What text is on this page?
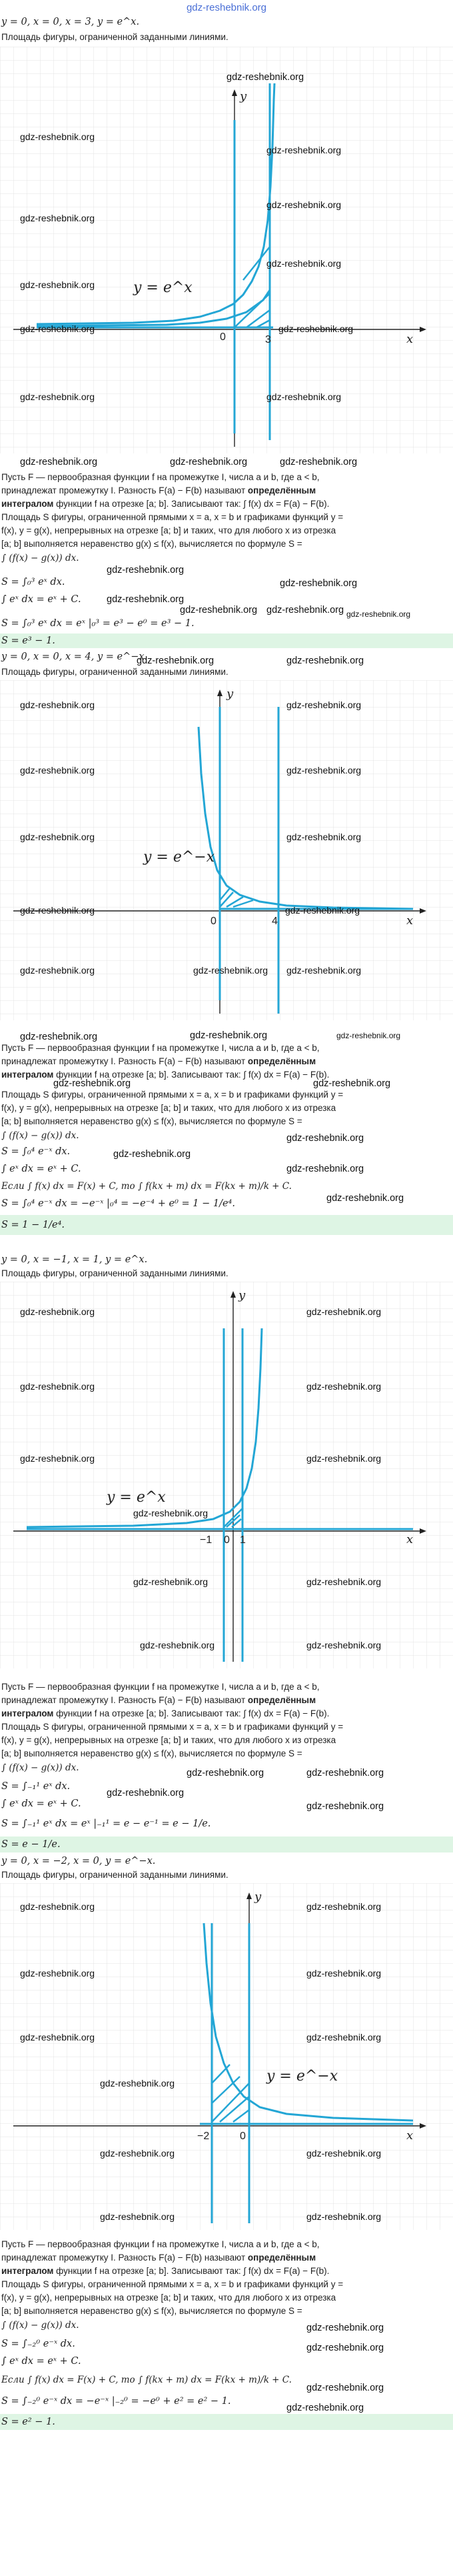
gdz-reshebnik.org
y = 0, x = 0, x = 3, y = e^x.
Площадь фигуры, ограниченной заданными линиями.
y = e^x
0	3	x
y
gdz-reshebnik.org
gdz-reshebnik.org
gdz-reshebnik.org
gdz-reshebnik.org
gdz-reshebnik.org
gdz-reshebnik.org
gdz-reshebnik.org
gdz-reshebnik.org	gdz-reshebnik.org
gdz-reshebnik.org	gdz-reshebnik.org
gdz-reshebnik.org	gdz-reshebnik.org	gdz-reshebnik.org
Пусть F — первообразная функции f на промежутке I, числа a и b, где a < b,
принадлежат промежутку I. Разность F(a) − F(b) называют определённым
интегралом функции f на отрезке [a; b]. Записывают так: ∫ f(x) dx = F(a) − F(b).
Площадь S фигуры, ограниченной прямыми x = a, x = b и графиками функций y =
f(x), y = g(x), непрерывных на отрезке [a; b] и таких, что для любого x из отрезка
[a; b] выполняется неравенство g(x) ≤ f(x), вычисляется по формуле S =
∫ (f(x) − g(x)) dx.
gdz-reshebnik.org
S = ∫₀³ eˣ dx.	gdz-reshebnik.org
∫ eˣ dx = eˣ + C.	gdz-reshebnik.org
gdz-reshebnik.org gdz-reshebnik.org gdz-reshebnik.org
S = ∫₀³ eˣ dx = eˣ |₀³ = e³ − e⁰ = e³ − 1.
S = e³ − 1.
y = 0, x = 0, x = 4, y = e^−x.
gdz-reshebnik.org	gdz-reshebnik.org
Площадь фигуры, ограниченной заданными линиями.
y = e^−x
0	4	x
y
gdz-reshebnik.org	gdz-reshebnik.org
gdz-reshebnik.org	gdz-reshebnik.org
gdz-reshebnik.org	gdz-reshebnik.org
gdz-reshebnik.org
gdz-reshebnik.org
gdz-reshebnik.org	gdz-reshebnik.org gdz-reshebnik.org
gdz-reshebnik.org	gdz-reshebnik.org	gdz-reshebnik.org
Пусть F — первообразная функции f на промежутке I, числа a и b, где a < b,
принадлежат промежутку I. Разность F(a) − F(b) называют определённым
интегралом функции f на отрезке [a; b]. Записывают так: ∫ f(x) dx = F(a) − F(b).
gdz-reshebnik.org	gdz-reshebnik.org
Площадь S фигуры, ограниченной прямыми x = a, x = b и графиками функций y =
f(x), y = g(x), непрерывных на отрезке [a; b] и таких, что для любого x из отрезка
[a; b] выполняется неравенство g(x) ≤ f(x), вычисляется по формуле S =
∫ (f(x) − g(x)) dx.	gdz-reshebnik.org
S = ∫₀⁴ e⁻ˣ dx.	gdz-reshebnik.org
∫ eˣ dx = eˣ + C.	gdz-reshebnik.org
Если ∫ f(x) dx = F(x) + C, то ∫ f(kx + m) dx = F(kx + m)/k + C.
gdz-reshebnik.org
S = ∫₀⁴ e⁻ˣ dx = −e⁻ˣ |₀⁴ = −e⁻⁴ + e⁰ = 1 − 1/e⁴.
S = 1 − 1/e⁴.
y = 0, x = −1, x = 1, y = e^x.
Площадь фигуры, ограниченной заданными линиями.
y = e^x
−1 0 1	x
y
gdz-reshebnik.org	gdz-reshebnik.org
gdz-reshebnik.org	gdz-reshebnik.org
gdz-reshebnik.org	gdz-reshebnik.org
gdz-reshebnik.org
gdz-reshebnik.org	gdz-reshebnik.org
gdz-reshebnik.org	gdz-reshebnik.org
Пусть F — первообразная функции f на промежутке I, числа a и b, где a < b,
принадлежат промежутку I. Разность F(a) − F(b) называют определённым
интегралом функции f на отрезке [a; b]. Записывают так: ∫ f(x) dx = F(a) − F(b).
Площадь S фигуры, ограниченной прямыми x = a, x = b и графиками функций y =
f(x), y = g(x), непрерывных на отрезке [a; b] и таких, что для любого x из отрезка
[a; b] выполняется неравенство g(x) ≤ f(x), вычисляется по формуле S =
∫ (f(x) − g(x)) dx.	gdz-reshebnik.org	gdz-reshebnik.org
S = ∫₋₁¹ eˣ dx.
gdz-reshebnik.org
∫ eˣ dx = eˣ + C.	gdz-reshebnik.org
S = ∫₋₁¹ eˣ dx = eˣ |₋₁¹ = e − e⁻¹ = e − 1/e.
S = e − 1/e.
y = 0, x = −2, x = 0, y = e^−x.
Площадь фигуры, ограниченной заданными линиями.
y = e^−x
−2	0	x
y
gdz-reshebnik.org	gdz-reshebnik.org
gdz-reshebnik.org	gdz-reshebnik.org
gdz-reshebnik.org	gdz-reshebnik.org
gdz-reshebnik.org
gdz-reshebnik.org	gdz-reshebnik.org
gdz-reshebnik.org	gdz-reshebnik.org
Пусть F — первообразная функции f на промежутке I, числа a и b, где a < b,
принадлежат промежутку I. Разность F(a) − F(b) называют определённым
интегралом функции f на отрезке [a; b]. Записывают так: ∫ f(x) dx = F(a) − F(b).
Площадь S фигуры, ограниченной прямыми x = a, x = b и графиками функций y =
f(x), y = g(x), непрерывных на отрезке [a; b] и таких, что для любого x из отрезка
[a; b] выполняется неравенство g(x) ≤ f(x), вычисляется по формуле S =
∫ (f(x) − g(x)) dx.	gdz-reshebnik.org
S = ∫₋₂⁰ e⁻ˣ dx.	gdz-reshebnik.org
∫ eˣ dx = eˣ + C.
Если ∫ f(x) dx = F(x) + C, то ∫ f(kx + m) dx = F(kx + m)/k + C.
gdz-reshebnik.org
S = ∫₋₂⁰ e⁻ˣ dx = −e⁻ˣ |₋₂⁰ = −e⁰ + e² = e² − 1.
gdz-reshebnik.org
S = e² − 1.
